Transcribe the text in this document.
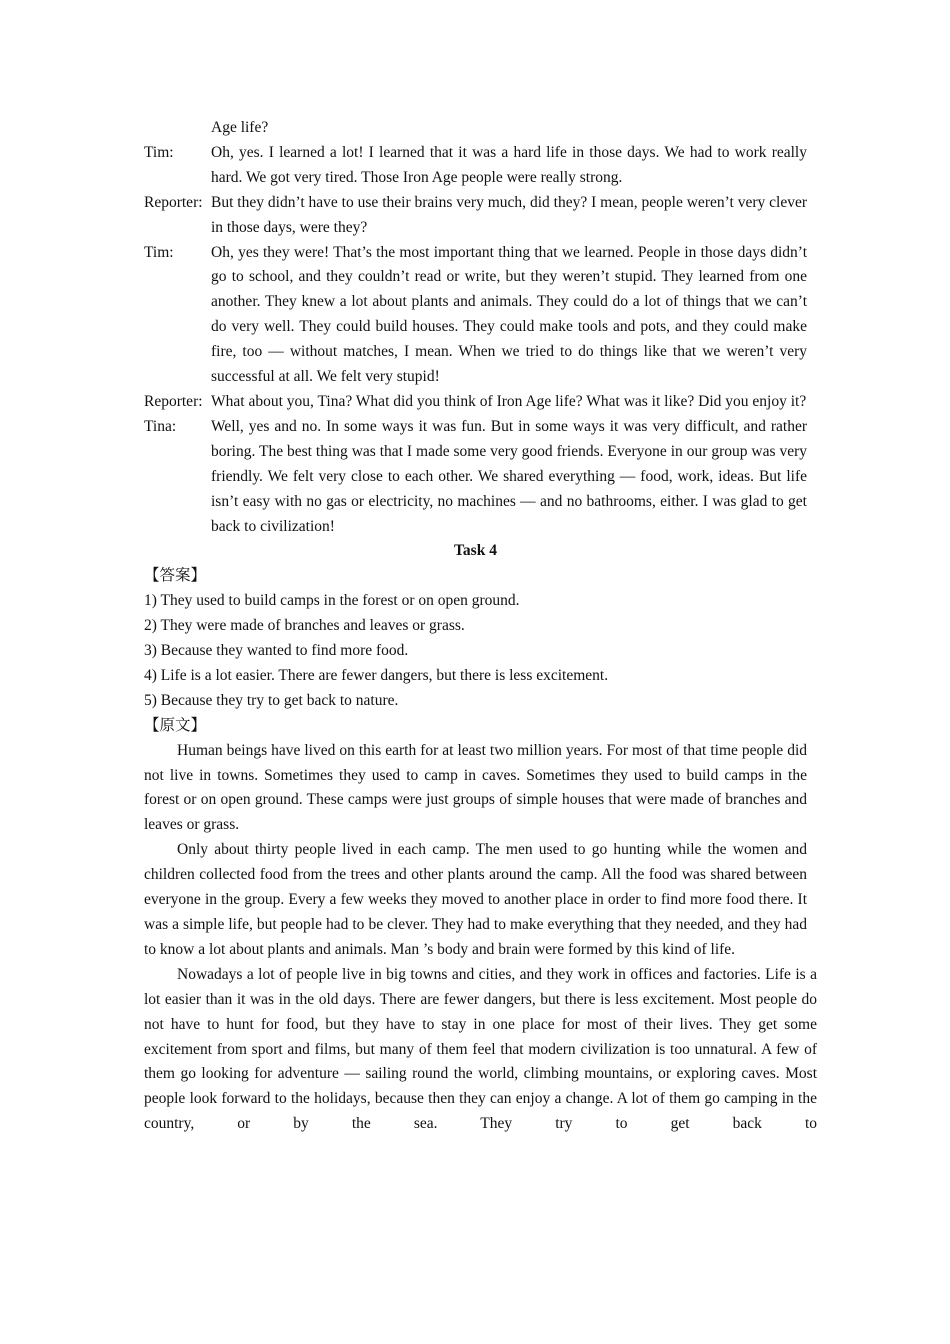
Age life?
Tim:	Oh, yes. I learned a lot! I learned that it was a hard life in those days. We had to work really hard. We got very tired. Those Iron Age people were really strong.
Reporter: But they didn’t have to use their brains very much, did they? I mean, people weren’t very clever in those days, were they?
Tim:	Oh, yes they were! That’s the most important thing that we learned. People in those days didn’t go to school, and they couldn’t read or write, but they weren’t stupid. They learned from one another. They knew a lot about plants and animals. They could do a lot of things that we can’t do very well. They could build houses. They could make tools and pots, and they could make fire, too — without matches, I mean. When we tried to do things like that we weren’t very successful at all. We felt very stupid!
Reporter: What about you, Tina? What did you think of Iron Age life? What was it like? Did you enjoy it?
Tina:	Well, yes and no. In some ways it was fun. But in some ways it was very difficult, and rather boring. The best thing was that I made some very good friends. Everyone in our group was very friendly. We felt very close to each other. We shared everything — food, work, ideas. But life isn’t easy with no gas or electricity, no machines — and no bathrooms, either. I was glad to get back to civilization!
Task 4
【答案】
1) They used to build camps in the forest or on open ground.
2) They were made of branches and leaves or grass.
3) Because they wanted to find more food.
4) Life is a lot easier. There are fewer dangers, but there is less excitement.
5) Because they try to get back to nature.
【原文】
Human beings have lived on this earth for at least two million years. For most of that time people did not live in towns. Sometimes they used to camp in caves. Sometimes they used to build camps in the forest or on open ground. These camps were just groups of simple houses that were made of branches and leaves or grass.
Only about thirty people lived in each camp. The men used to go hunting while the women and children collected food from the trees and other plants around the camp. All the food was shared between everyone in the group. Every a few weeks they moved to another place in order to find more food there. It was a simple life, but people had to be clever. They had to make everything that they needed, and they had to know a lot about plants and animals. Man ’s body and brain were formed by this kind of life.
Nowadays a lot of people live in big towns and cities, and they work in offices and factories. Life is a lot easier than it was in the old days. There are fewer dangers, but there is less excitement. Most people do not have to hunt for food, but they have to stay in one place for most of their lives. They get some excitement from sport and films, but many of them feel that modern civilization is too unnatural. A few of them go looking for adventure — sailing round the world, climbing mountains, or exploring caves. Most people look forward to the holidays, because then they can enjoy a change. A lot of them go camping in the country, or by the sea. They try to get back to
